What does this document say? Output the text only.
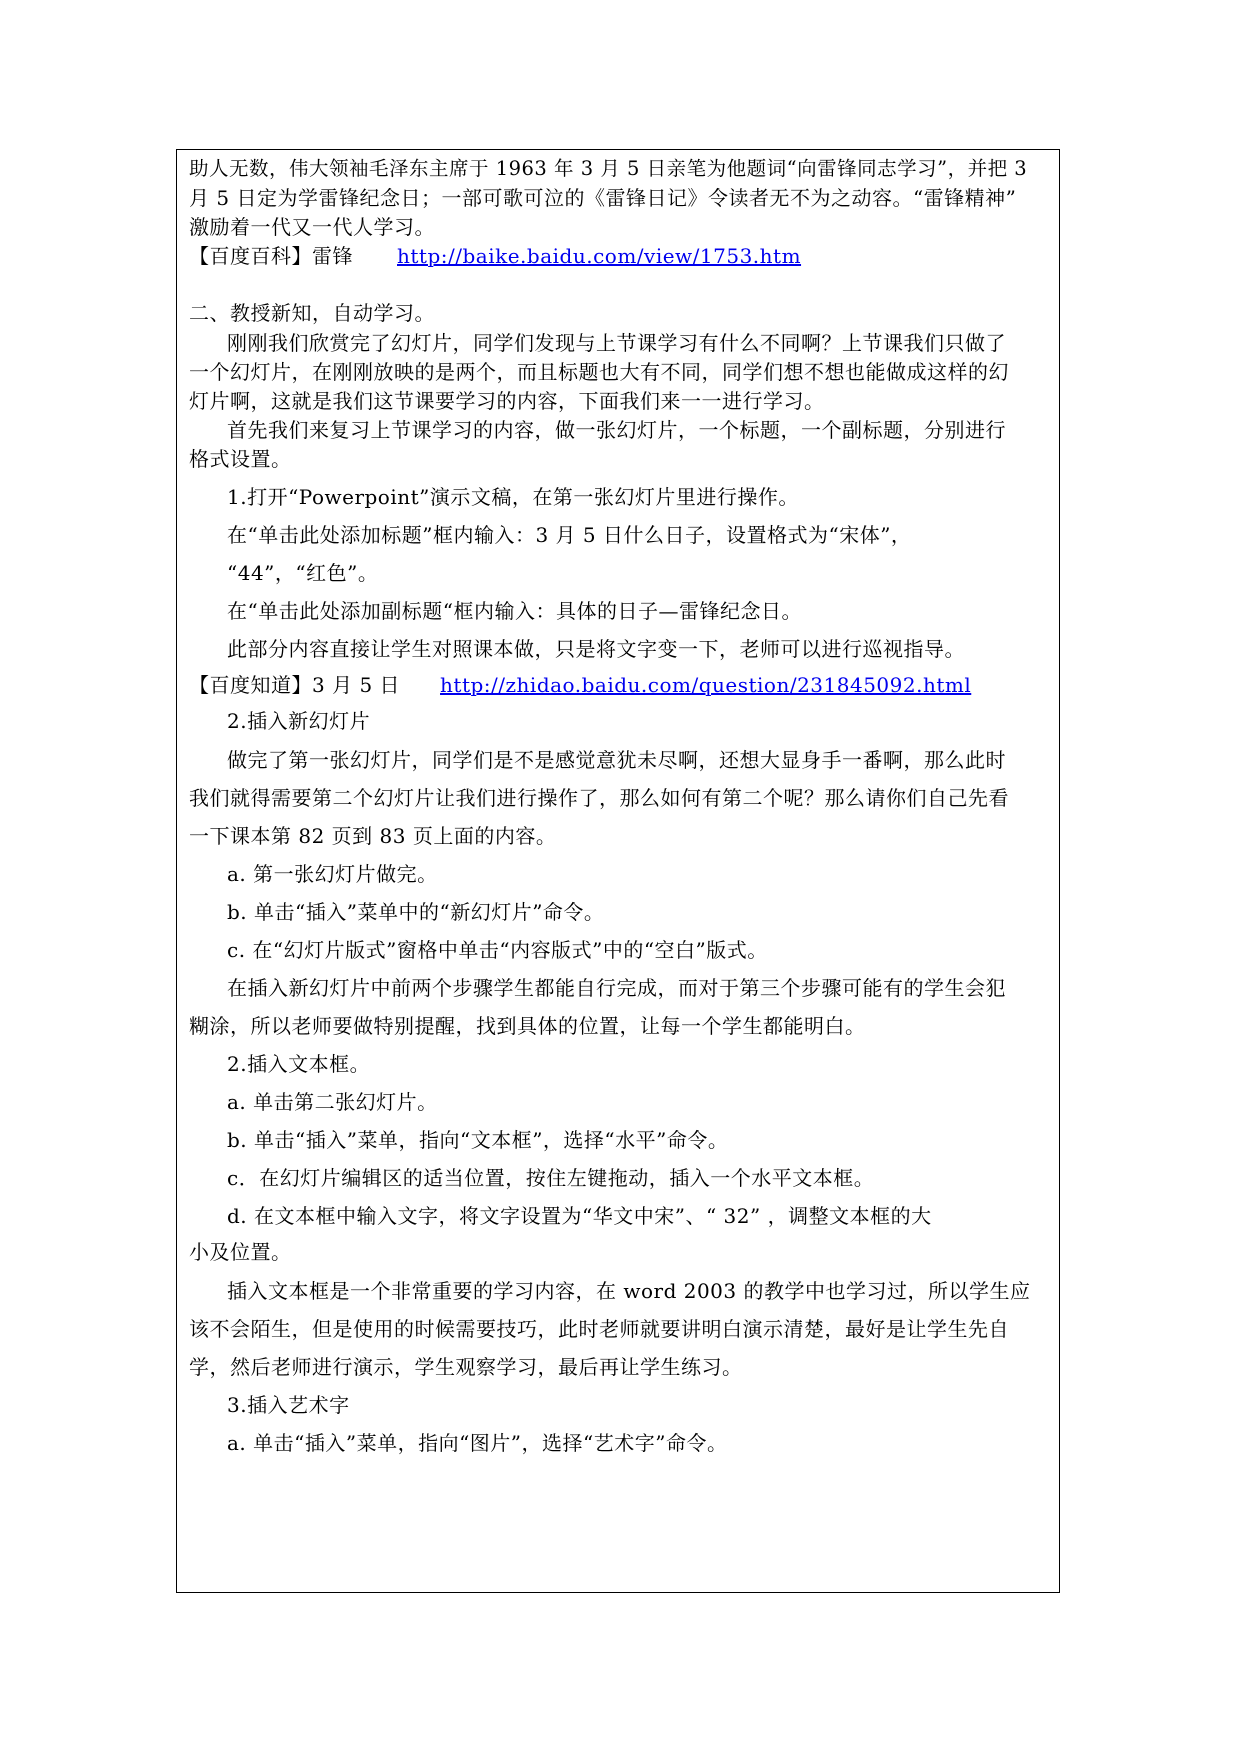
助人无数，伟大领袖毛泽东主席于 1963 年 3 月 5 日亲笔为他题词“向雷锋同志学习”，并把 3
月 5 日定为学雷锋纪念日；一部可歌可泣的《雷锋日记》令读者无不为之动容。“雷锋精神”
激励着一代又一代人学习。
【百度百科】雷锋 http://baike.baidu.com/view/1753.htm
二、教授新知，自动学习。
刚刚我们欣赏完了幻灯片，同学们发现与上节课学习有什么不同啊？上节课我们只做了
一个幻灯片，在刚刚放映的是两个，而且标题也大有不同，同学们想不想也能做成这样的幻
灯片啊，这就是我们这节课要学习的内容，下面我们来一一进行学习。
首先我们来复习上节课学习的内容，做一张幻灯片，一个标题，一个副标题，分别进行
格式设置。
1.打开“Powerpoint”演示文稿，在第一张幻灯片里进行操作。
在“单击此处添加标题”框内输入：3 月 5 日什么日子，设置格式为“宋体”，
“44”，“红色”。
在“单击此处添加副标题“框内输入：具体的日子—雷锋纪念日。
此部分内容直接让学生对照课本做，只是将文字变一下，老师可以进行巡视指导。
【百度知道】3 月 5 日 http://zhidao.baidu.com/question/231845092.html
2.插入新幻灯片
做完了第一张幻灯片，同学们是不是感觉意犹未尽啊，还想大显身手一番啊，那么此时
我们就得需要第二个幻灯片让我们进行操作了，那么如何有第二个呢？那么请你们自己先看
一下课本第 82 页到 83 页上面的内容。
a. 第一张幻灯片做完。
b. 单击“插入”菜单中的“新幻灯片”命令。
c. 在“幻灯片版式”窗格中单击“内容版式”中的“空白”版式。
在插入新幻灯片中前两个步骤学生都能自行完成，而对于第三个步骤可能有的学生会犯
糊涂，所以老师要做特别提醒，找到具体的位置，让每一个学生都能明白。
2.插入文本框。
a. 单击第二张幻灯片。
b. 单击“插入”菜单，指向“文本框”，选择“水平”命令。
c．在幻灯片编辑区的适当位置，按住左键拖动，插入一个水平文本框。
d. 在文本框中输入文字，将文字设置为“华文中宋”、“ 32” ，调整文本框的大
小及位置。
插入文本框是一个非常重要的学习内容，在 word 2003 的教学中也学习过，所以学生应
该不会陌生，但是使用的时候需要技巧，此时老师就要讲明白演示清楚，最好是让学生先自
学，然后老师进行演示，学生观察学习，最后再让学生练习。
3.插入艺术字
a. 单击“插入”菜单，指向“图片”，选择“艺术字”命令。
